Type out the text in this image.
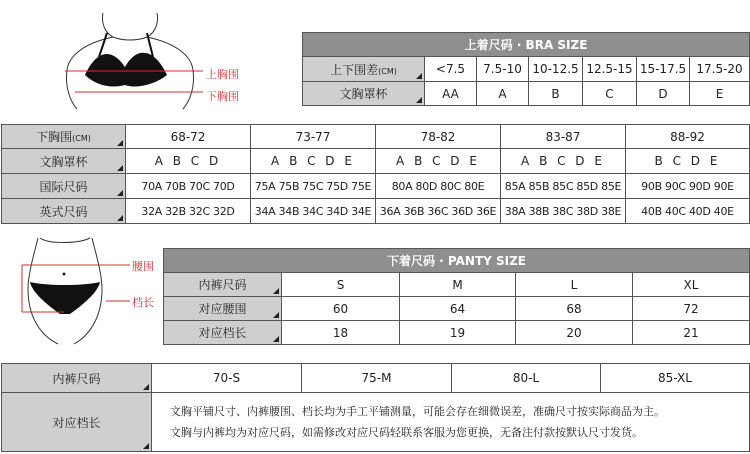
上胸围
下胸围
上着尺码 · BRA SIZE						
上下围差(CM)	<7.5	7.5-10	10-12.5	12.5-15	15-17.5	17.5-20
文胸罩杯	AA	A	B	C	D	E
下胸围(CM)	68-72	73-77	78-82	83-87	88-92
文胸罩杯	A B C D	A B C D E	A B C D E	A B C D E	B C D E
国际尺码	70A 70B 70C 70D	75A 75B 75C 75D 75E	80A 80D 80C 80E	85A 85B 85C 85D 85E	90B 90C 90D 90E
英式尺码	32A 32B 32C 32D	34A 34B 34C 34D 34E	36A 36B 36C 36D 36E	38A 38B 38C 38D 38E	40B 40C 40D 40E
腰围
档长
下着尺码 · PANTY SIZE				
内裤尺码	S	M	L	XL
对应腰围	60	64	68	72
对应档长	18	19	20	21
内裤尺码	70-S	75-M	80-L	85-XL
对应档长	文胸平铺尺寸、内裤腰围、档长均为手工平铺测量，可能会存在细微误差，准确尺寸按实际商品为主。
文胸与内裤均为对应尺码，如需修改对应尺码轻联系客服为您更换，无备注付款按默认尺寸发货。			
